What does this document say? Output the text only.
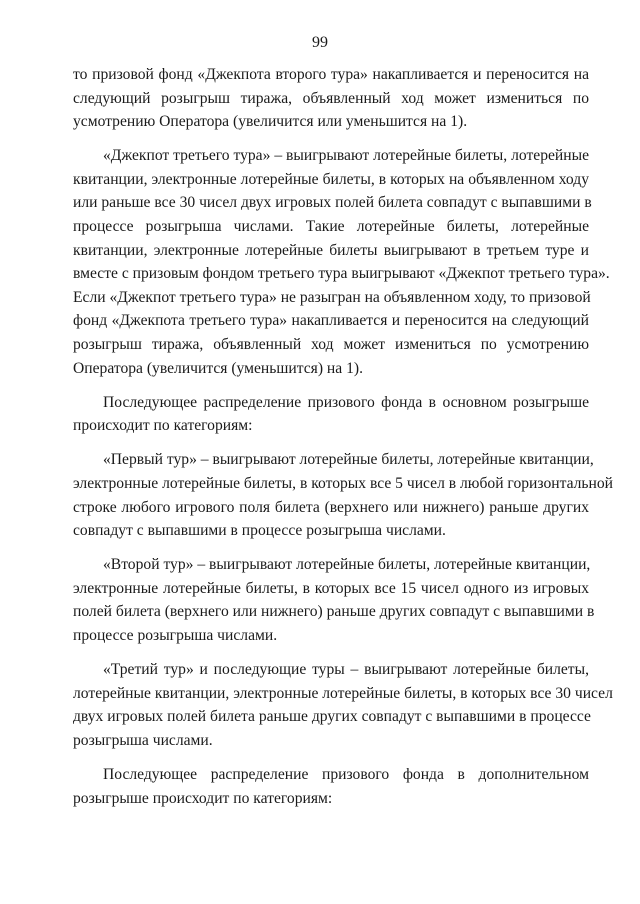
99

то призовой фонд «Джекпота второго тура» накапливается и переносится на
следующий розыгрыш тиража, объявленный ход может измениться по
усмотрению Оператора (увеличится или уменьшится на 1).

«Джекпот третьего тура» – выигрывают лотерейные билеты, лотерейные
квитанции, электронные лотерейные билеты, в которых на объявленном ходу
или раньше все 30 чисел двух игровых полей билета совпадут с выпавшими в
процессе розыгрыша числами. Такие лотерейные билеты, лотерейные
квитанции, электронные лотерейные билеты выигрывают в третьем туре и
вместе с призовым фондом третьего тура выигрывают «Джекпот третьего тура».
Если «Джекпот третьего тура» не разыгран на объявленном ходу, то призовой
фонд «Джекпота третьего тура» накапливается и переносится на следующий
розыгрыш тиража, объявленный ход может измениться по усмотрению
Оператора (увеличится (уменьшится) на 1).

Последующее распределение призового фонда в основном розыгрыше
происходит по категориям:

«Первый тур» – выигрывают лотерейные билеты, лотерейные квитанции,
электронные лотерейные билеты, в которых все 5 чисел в любой горизонтальной
строке любого игрового поля билета (верхнего или нижнего) раньше других
совпадут с выпавшими в процессе розыгрыша числами.

«Второй тур» – выигрывают лотерейные билеты, лотерейные квитанции,
электронные лотерейные билеты, в которых все 15 чисел одного из игровых
полей билета (верхнего или нижнего) раньше других совпадут с выпавшими в
процессе розыгрыша числами.

«Третий тур» и последующие туры – выигрывают лотерейные билеты,
лотерейные квитанции, электронные лотерейные билеты, в которых все 30 чисел
двух игровых полей билета раньше других совпадут с выпавшими в процессе
розыгрыша числами.

Последующее распределение призового фонда в дополнительном
розыгрыше происходит по категориям:
